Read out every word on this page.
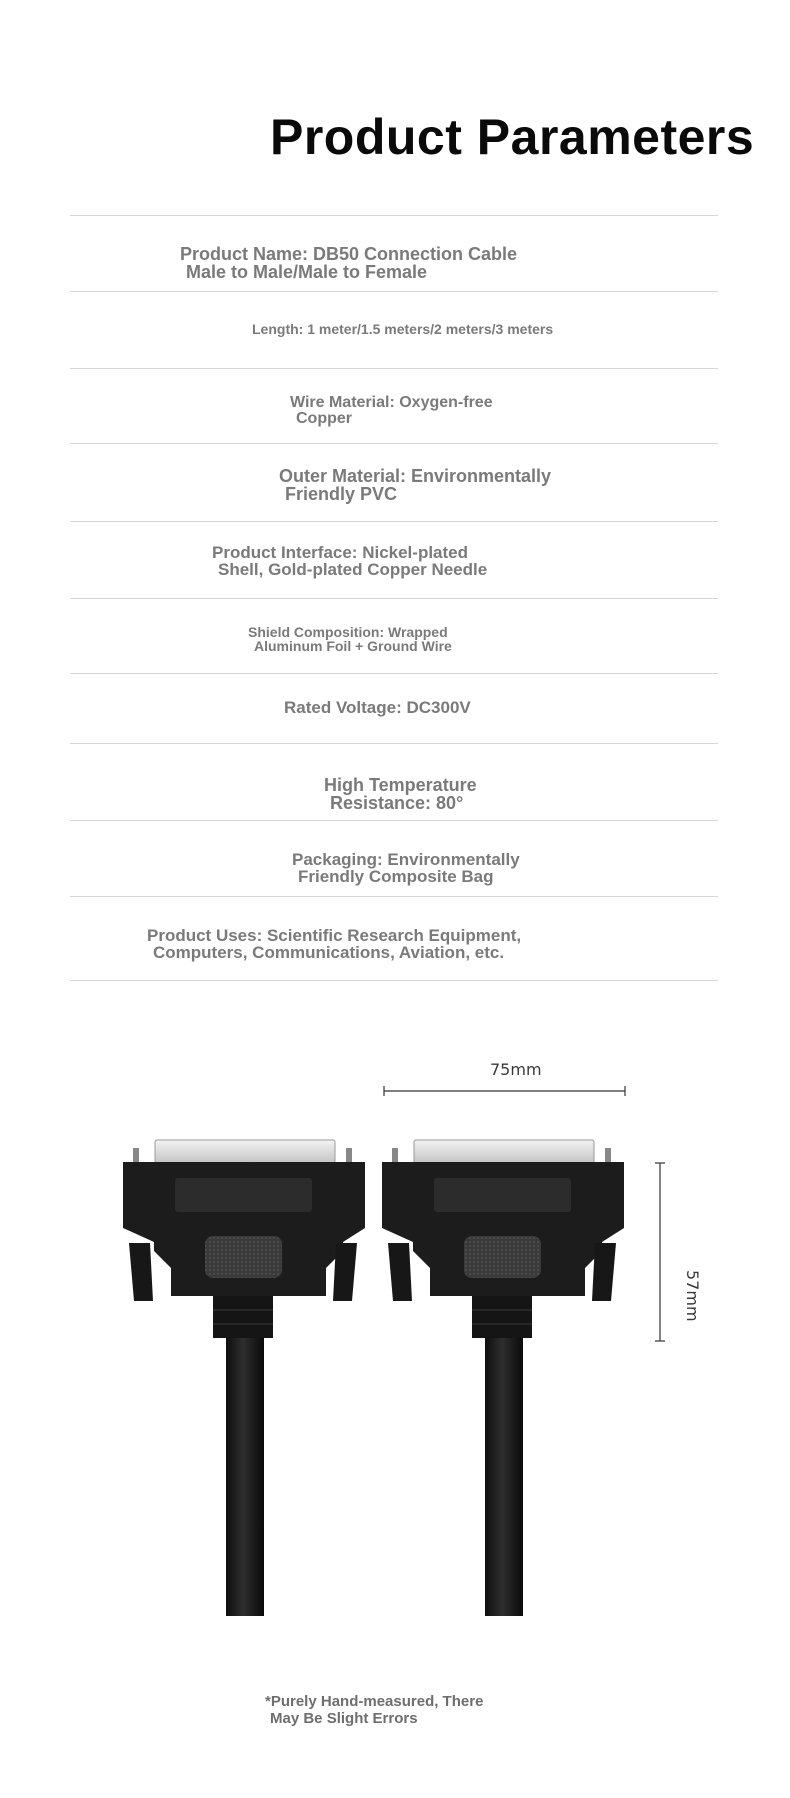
Product Parameters
Product Name: DB50 Connection Cable
Male to Male/Male to Female
Length: 1 meter/1.5 meters/2 meters/3 meters
Wire Material: Oxygen-free
Copper
Outer Material: Environmentally
Friendly PVC
Product Interface: Nickel-plated
Shell, Gold-plated Copper Needle
Shield Composition: Wrapped
Aluminum Foil + Ground Wire
Rated Voltage: DC300V
High Temperature
Resistance: 80°
Packaging: Environmentally
Friendly Composite Bag
Product Uses: Scientific Research Equipment,
Computers, Communications, Aviation, etc.
75mm
57mm
*Purely Hand-measured, There
May Be Slight Errors
